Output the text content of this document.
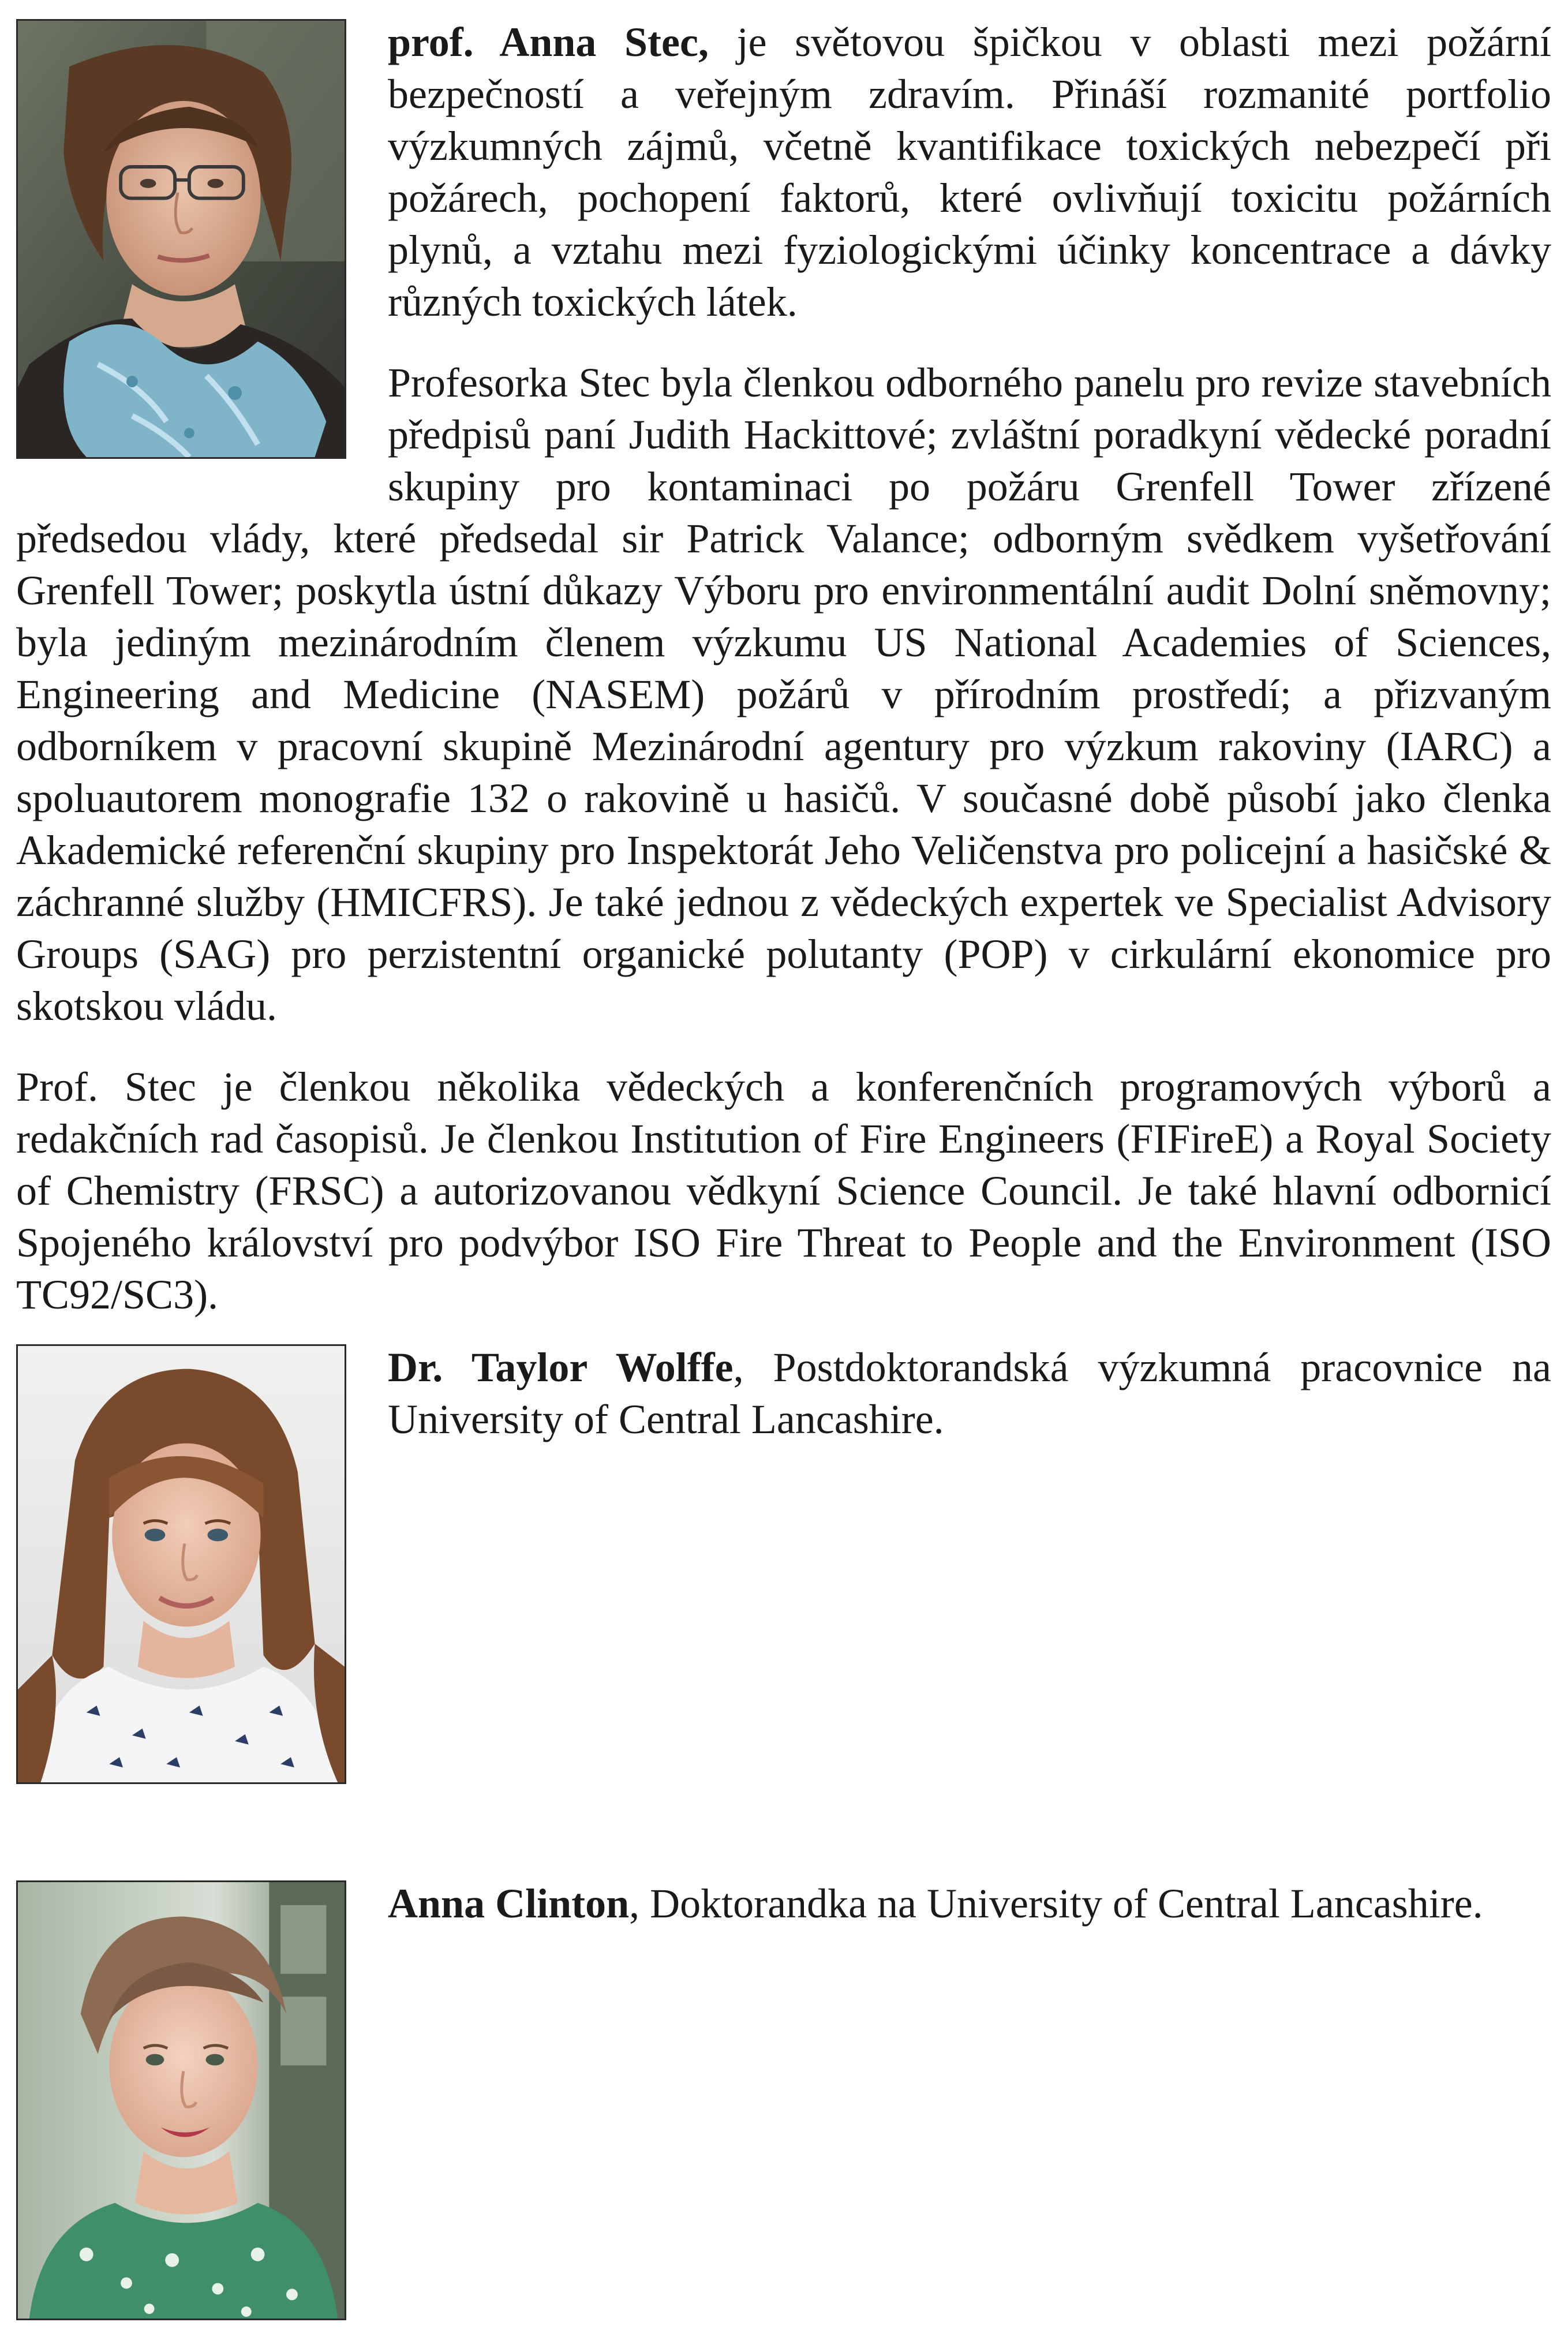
prof. Anna Stec, je světovou špičkou v oblasti mezi požární bezpečností a veřejným zdravím. Přináší rozmanité portfolio výzkumných zájmů, včetně kvantifikace toxických nebezpečí při požárech, pochopení faktorů, které ovlivňují toxicitu požárních plynů, a vztahu mezi fyziologickými účinky koncentrace a dávky různých toxických látek.

Profesorka Stec byla členkou odborného panelu pro revize stavebních předpisů paní Judith Hackittové; zvláštní poradkyní vědecké poradní skupiny pro kontaminaci po požáru Grenfell Tower zřízené předsedou vlády, které předsedal sir Patrick Valance; odborným svědkem vyšetřování Grenfell Tower; poskytla ústní důkazy Výboru pro environmentální audit Dolní sněmovny; byla jediným mezinárodním členem výzkumu US National Academies of Sciences, Engineering and Medicine (NASEM) požárů v přírodním prostředí; a přizvaným odborníkem v pracovní skupině Mezinárodní agentury pro výzkum rakoviny (IARC) a spoluautorem monografie 132 o rakovině u hasičů. V současné době působí jako členka Akademické referenční skupiny pro Inspektorát Jeho Veličenstva pro policejní a hasičské & záchranné služby (HMICFRS). Je také jednou z vědeckých expertek ve Specialist Advisory Groups (SAG) pro perzistentní organické polutanty (POP) v cirkulární ekonomice pro skotskou vládu.

Prof. Stec je členkou několika vědeckých a konferenčních programových výborů a redakčních rad časopisů. Je členkou Institution of Fire Engineers (FIFireE) a Royal Society of Chemistry (FRSC) a autorizovanou vědkyní Science Council. Je také hlavní odbornicí Spojeného království pro podvýbor ISO Fire Threat to People and the Environment (ISO TC92/SC3).

Dr. Taylor Wolffe, Postdoktorandská výzkumná pracovnice na University of Central Lancashire.

Anna Clinton, Doktorandka na University of Central Lancashire.
